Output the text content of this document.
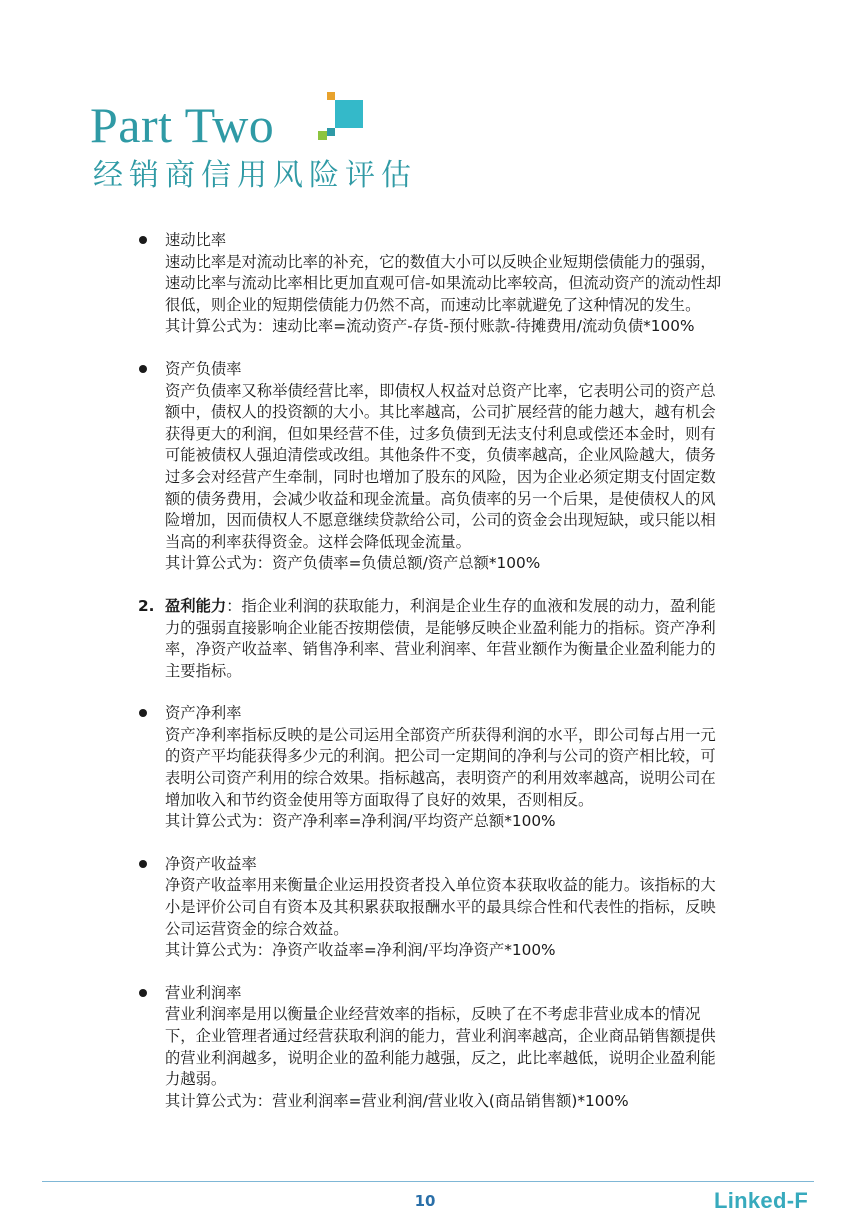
Part Two
经销商信用风险评估
速动比率

速动比率是对流动比率的补充，它的数值大小可以反映企业短期偿债能力的强弱，速动比率与流动比率相比更加直观可信-如果流动比率较高，但流动资产的流动性却很低，则企业的短期偿债能力仍然不高，而速动比率就避免了这种情况的发生。

其计算公式为：速动比率=流动资产-存货-预付账款-待摊费用/流动负债*100%

资产负债率

资产负债率又称举债经营比率，即债权人权益对总资产比率，它表明公司的资产总额中，债权人的投资额的大小。其比率越高，公司扩展经营的能力越大，越有机会获得更大的利润，但如果经营不佳，过多负债到无法支付利息或偿还本金时，则有可能被债权人强迫清偿或改组。其他条件不变，负债率越高，企业风险越大，债务过多会对经营产生牵制，同时也增加了股东的风险，因为企业必须定期支付固定数额的债务费用，会减少收益和现金流量。高负债率的另一个后果，是使债权人的风险增加，因而债权人不愿意继续贷款给公司，公司的资金会出现短缺，或只能以相当高的利率获得资金。这样会降低现金流量。

其计算公式为：资产负债率=负债总额/资产总额*100%

2. 盈利能力：指企业利润的获取能力，利润是企业生存的血液和发展的动力，盈利能力的强弱直接影响企业能否按期偿债，是能够反映企业盈利能力的指标。资产净利率，净资产收益率、销售净利率、营业利润率、年营业额作为衡量企业盈利能力的主要指标。

资产净利率

资产净利率指标反映的是公司运用全部资产所获得利润的水平，即公司每占用一元的资产平均能获得多少元的利润。把公司一定期间的净利与公司的资产相比较，可表明公司资产利用的综合效果。指标越高，表明资产的利用效率越高，说明公司在增加收入和节约资金使用等方面取得了良好的效果，否则相反。

其计算公式为：资产净利率=净利润/平均资产总额*100%

净资产收益率

净资产收益率用来衡量企业运用投资者投入单位资本获取收益的能力。该指标的大小是评价公司自有资本及其积累获取报酬水平的最具综合性和代表性的指标，反映公司运营资金的综合效益。

其计算公式为：净资产收益率=净利润/平均净资产*100%

营业利润率

营业利润率是用以衡量企业经营效率的指标，反映了在不考虑非营业成本的情况下，企业管理者通过经营获取利润的能力，营业利润率越高，企业商品销售额提供的营业利润越多，说明企业的盈利能力越强，反之，此比率越低，说明企业盈利能力越弱。

其计算公式为：营业利润率=营业利润/营业收入(商品销售额)*100%

10	Linked-F
